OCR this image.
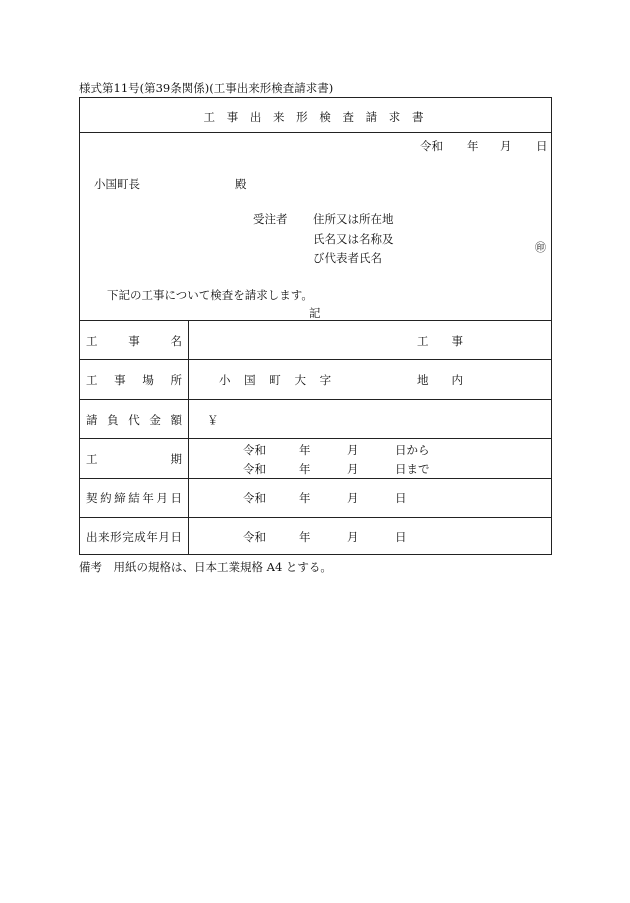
様式第11号(第39条関係)(工事出来形検査請求書)
工 事 出 来 形 検 査 請 求 書
令和 年 月 日
小国町長	殿
受注者 住所又は所在地
氏名又は名称及
び代表者氏名
㊞
下記の工事について検査を請求します。
記
工	事	名	工　　事
工 事 場 所	小 国 町 大 字	地　　内
請 負 代 金 額 ￥
工	期
令和	年	月	日から
令和	年	月	日まで
契 約 締 結 年 月 日	令和	年	月	日
出 来 形 完 成 年 月 日	令和	年	月	日
備考　用紙の規格は、日本工業規格 A4 とする。
